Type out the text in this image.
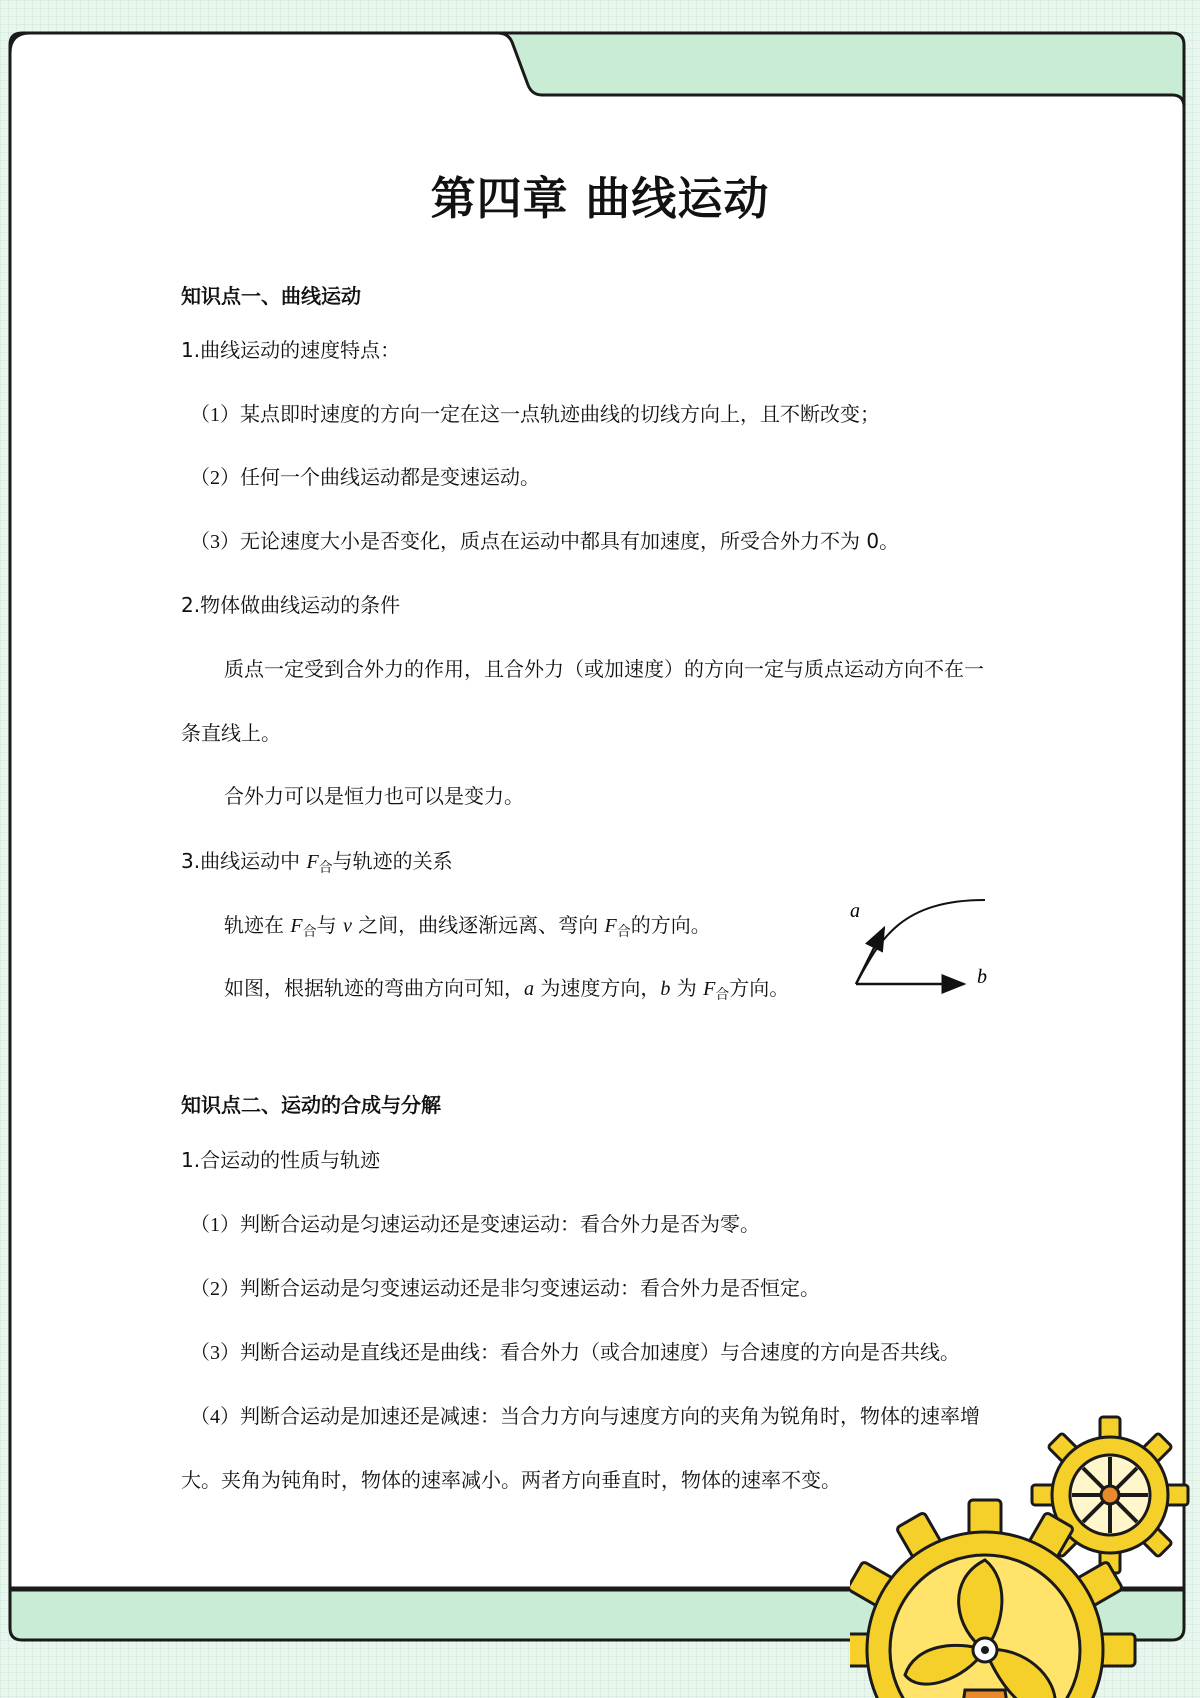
第四章 曲线运动
知识点一、曲线运动
1.曲线运动的速度特点：
（1）某点即时速度的方向一定在这一点轨迹曲线的切线方向上，且不断改变；
（2）任何一个曲线运动都是变速运动。
（3）无论速度大小是否变化，质点在运动中都具有加速度，所受合外力不为 0。
2.物体做曲线运动的条件
质点一定受到合外力的作用，且合外力（或加速度）的方向一定与质点运动方向不在一
条直线上。
合外力可以是恒力也可以是变力。
3.曲线运动中 $F_合$与轨迹的关系
轨迹在 $F_合$与 v 之间，曲线逐渐远离、弯向 $F_合$的方向。
如图，根据轨迹的弯曲方向可知，a 为速度方向，b 为 $F_合$方向。
a
b
知识点二、运动的合成与分解
1.合运动的性质与轨迹
（1）判断合运动是匀速运动还是变速运动：看合外力是否为零。
（2）判断合运动是匀变速运动还是非匀变速运动：看合外力是否恒定。
（3）判断合运动是直线还是曲线：看合外力（或合加速度）与合速度的方向是否共线。
（4）判断合运动是加速还是减速：当合力方向与速度方向的夹角为锐角时，物体的速率增
大。夹角为钝角时，物体的速率减小。两者方向垂直时，物体的速率不变。
